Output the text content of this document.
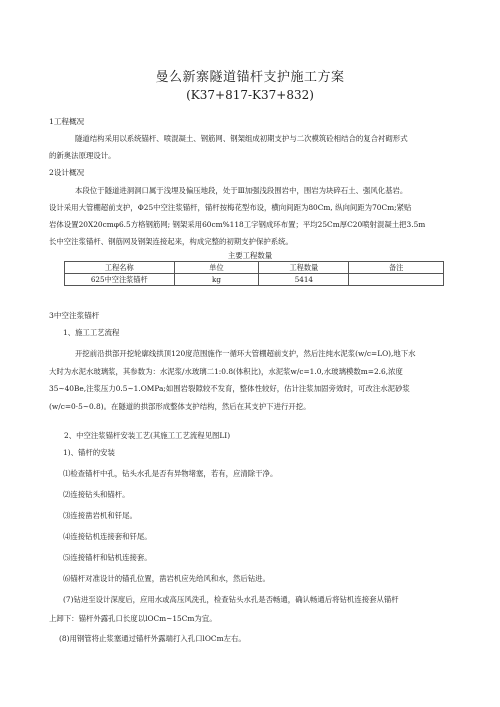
曼么新寨隧道锚杆支护施工方案
(K37+817-K37+832)
1工程概况
隧道结构采用以系统锚杆、喷混凝土、钢筋网、钢架组成初期支护与二次模筑砼相结合的复合衬砌形式
的新奥法原理设计。
2设计概况
本段位于隧道进洞洞口属于浅埋及偏压地段，处于Ⅲ加强浅段围岩中，围岩为块碎石土、强风化基岩。
设计采用大管棚超前支护，Φ25中空注浆锚杆，锚杆按梅花型布设，横向间距为80Cm, 纵向间距为70Cm;紧贴
岩体设置20X20cmφ6.5方格钢筋网; 钢架采用60cm%118工字钢成环布置；平均25Cm厚C20喷射混凝土把3.5m
长中空注浆锚杆、钢筋网及钢架连接起来，构成完整的初期支护保护系统。
主要工程数量
工程名称	单位	工程数量	备注
625中空注浆锚杆	kg	5414	
3中空注浆锚杆
1、施工工艺流程
开挖前沿拱部开挖轮廓线拱顶120度范围施作一循环大管棚超前支护，然后注纯水泥浆(w/c=LO),地下水
大时为水泥水玻璃浆，其参数为：水泥浆/水玻璃二1:0.8(体积比)，水泥浆w/c=1.0,水玻璃模数m=2.6,浓度
35~40Be,注浆压力0.5~1.OMPa;如围岩裂隙较不发育，整体性较好，估计注浆加固旁效时，可改注水泥砂浆
(w/c=0·5~0.8)。在隧道的拱部形成整体支护结构，然后在其支护下进行开挖。
2、中空注浆锚杆安装工艺(其施工工艺流程见图LI)
1)、锚杆的安装
⑴检查锚杆中孔，钻头水孔是否有异物堵塞，若有，应清除干净。
⑵连接钻头和锚杆。
⑶连接凿岩机和钎尾。
⑷连接钻机连接套和钎尾。
⑸连接锚杆和钻机连接套。
⑹锚杆对准设计的锚孔位置，凿岩机应先给风和水，然后钻进。
(7)钻进至设计深度后，应用水或高压风洗孔，检查钻头水孔是否畅通，确认畅通后将钻机连接套从锚杆
上卸下：锚杆外露孔口长度以lOCm~15Cm为宜。
(8)用钢管将止浆塞通过锚杆外露端打入孔口lOCm左右。
